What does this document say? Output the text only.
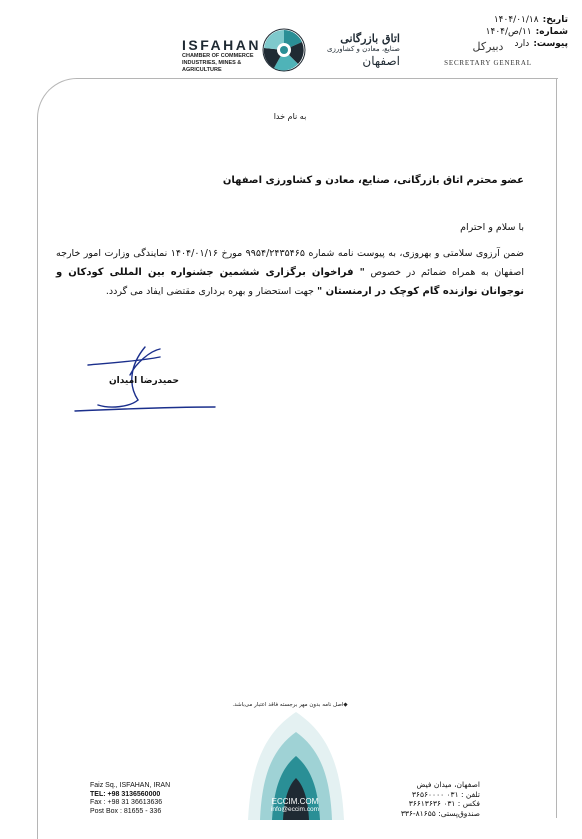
تاریخ:
۱۴۰۴/۰۱/۱۸
شماره:
۱۱/ص/۱۴۰۴
پیوست:
دارد
ISFAHAN
CHAMBER OF COMMERCE
INDUSTRIES, MINES & AGRICULTURE
اتاق بازرگانی
صنایع، معادن و کشاورزی
اصفهان
دبیرکل
SECRETARY GENERAL
به نام خدا
عضو محترم اتاق بازرگانی، صنایع، معادن و کشاورزی اصفهان
با سلام و احترام
ضمن آرزوی سلامتی و بهروزی، به پیوست نامه شماره ۹۹۵۴/۲۴۳۵۴۶۵ مورخ ۱۴۰۴/۰۱/۱۶ نمایندگی وزارت امور خارجه اصفهان به همراه ضمائم در خصوص " فراخوان برگزاری ششمین جشنواره بین المللی کودکان و نوجوانان نوازنده گام کوچک در ارمنستان " جهت استحضار و بهره برداری مقتضی ایفاد می گردد.
حمیدرضا امیدان
◆اصل نامه بدون مهر برجسته فاقد اعتبار می‌باشد.
ECCIM.COM
info@eccim.com
Faiz Sq., ISFAHAN, IRAN
TEL: +98 3136560000
Fax : +98 31 36613636
Post Box : 81655 - 336
اصفهان، میدان فیض
تلفن : ۰۳۱ ۳۶۵۶۰۰۰۰
فکس : ۰۳۱ ۳۶۶۱۳۶۳۶
صندوق‌پستی: ۸۱۶۵۵-۳۳۶
